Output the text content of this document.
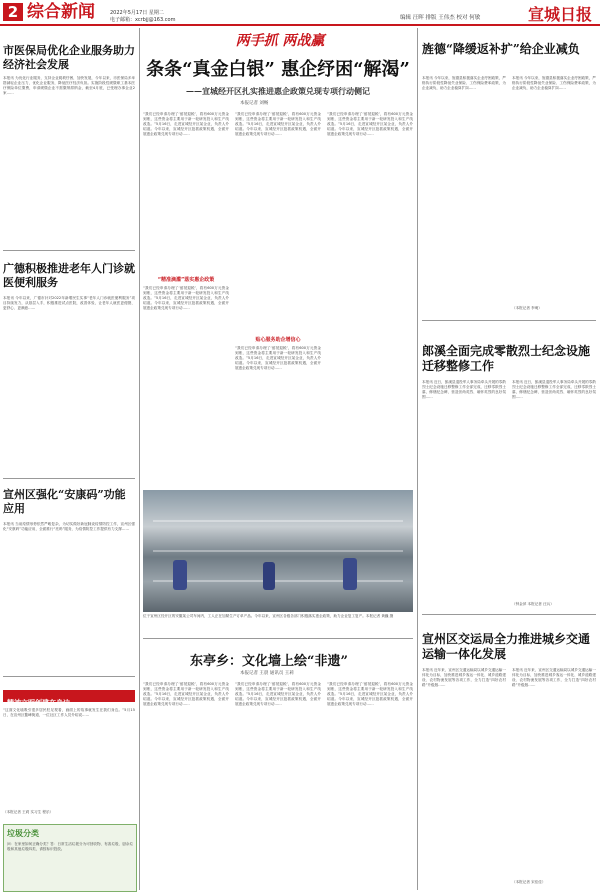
2 综合新闻	2022年5月17日 星期二
电子邮箱：xcrbjj@163.com	编辑 汪晖 排版 王伟杰 校对 何敏	宣城日报
市医保局优化企业服务助力经济社会发展
本报讯 为优化行业服务，支持企业爬坡纾困，加快发展，今年以来，市医保局多举措减轻企业压力，优化企业服务，降低医疗经济负担。实施阶段性缓缴职工基本医疗保险单位缴费，申请缓缴企业不需缴纳滞纳金，截至4月底，已受理办事企业2家……
广德积极推进老年人门诊就医便利服务
本报讯 今年以来，广德市针对2022年新增民生实事“老年人门诊就医便利服务”项目持续发力，从基层入手，积极推进试点医院，改善体验，让老年人就医更便捷、更舒心、更满意……
宣州区强化“安康码”功能应用
本报讯 当前疫情形势依然严峻复杂，为切实做好新冠肺炎疫情防控工作，宣州区强化“安康码”功能应用，全面推行“亮码”服务，为疫情防控工作提供有力支撑……
精神文明创建在身边
“这面文化墙吸引很多居民驻足观看，画面上的故事就发生在我们身边。”5月15日，在宣州区鳌峰街道，一位社区工作人员介绍说……
（本报记者 王莉 实习生 程乐）
垃圾分类
问：在家里如何正确分类？答：日常生活垃圾分为可回收物、有害垃圾、厨余垃圾和其他垃圾四类，请按标识投放。
两手抓 两战赢
条条“真金白银” 惠企纾困“解渴”
——宣城经开区扎实推进惠企政策兑现专项行动侧记
本报记者 刘畅
“我们已经申请办理了‘留抵退税’，将有600万元资金到账，这些资金将主要用于新一轮研发投入和生产线改造。”5月16日，走进宣城经开区某企业，负责人介绍道。今年以来，宣城经开区抢抓政策机遇，全面开展惠企政策兑现专项行动……
“精准滴灌”落实惠企政策
“我们已经申请办理了‘留抵退税’，将有600万元资金到账，这些资金将主要用于新一轮研发投入和生产线改造。”5月16日，走进宣城经开区某企业，负责人介绍道。今年以来，宣城经开区抢抓政策机遇，全面开展惠企政策兑现专项行动……
“我们已经申请办理了‘留抵退税’，将有600万元资金到账，这些资金将主要用于新一轮研发投入和生产线改造。”5月16日，走进宣城经开区某企业，负责人介绍道。今年以来，宣城经开区抢抓政策机遇，全面开展惠企政策兑现专项行动……
贴心服务助企增信心
“我们已经申请办理了‘留抵退税’，将有600万元资金到账，这些资金将主要用于新一轮研发投入和生产线改造。”5月16日，走进宣城经开区某企业，负责人介绍道。今年以来，宣城经开区抢抓政策机遇，全面开展惠企政策兑现专项行动……
“我们已经申请办理了‘留抵退税’，将有600万元资金到账，这些资金将主要用于新一轮研发投入和生产线改造。”5月16日，走进宣城经开区某企业，负责人介绍道。今年以来，宣城经开区抢抓政策机遇，全面开展惠企政策兑现专项行动……
位于宣州区经开区的安徽某公司车间内，工人正在加紧生产订单产品。今年以来，宣州区各级各部门积极落实惠企政策，助力企业复工复产。本报记者 黄巍 摄
东亭乡：文化墙上绘“非遗”
本报记者 王晨 通讯员 王莉
“我们已经申请办理了‘留抵退税’，将有600万元资金到账，这些资金将主要用于新一轮研发投入和生产线改造。”5月16日，走进宣城经开区某企业，负责人介绍道。今年以来，宣城经开区抢抓政策机遇，全面开展惠企政策兑现专项行动……
“我们已经申请办理了‘留抵退税’，将有600万元资金到账，这些资金将主要用于新一轮研发投入和生产线改造。”5月16日，走进宣城经开区某企业，负责人介绍道。今年以来，宣城经开区抢抓政策机遇，全面开展惠企政策兑现专项行动……
“我们已经申请办理了‘留抵退税’，将有600万元资金到账，这些资金将主要用于新一轮研发投入和生产线改造。”5月16日，走进宣城经开区某企业，负责人介绍道。今年以来，宣城经开区抢抓政策机遇，全面开展惠企政策兑现专项行动……
旌德“降缓返补扩”给企业减负
本报讯 今年以来，旌德县积极落实企业纾困政策，严格执行阶段性降低失业保险、工伤保险费率政策，为企业减负，助力企业稳岗扩岗……
本报讯 今年以来，旌德县积极落实企业纾困政策，严格执行阶段性降低失业保险、工伤保险费率政策，为企业减负，助力企业稳岗扩岗……
（本报记者 李萌）
郎溪全面完成零散烈士纪念设施迁移整修工作
本报讯 近日，郎溪县退役军人事务局牵头开展的零散烈士纪念设施迁移整修工作全部完成，迁移零散烈士墓，修缮纪念碑，营造崇尚英烈、缅怀英烈的良好氛围……
本报讯 近日，郎溪县退役军人事务局牵头开展的零散烈士纪念设施迁移整修工作全部完成，迁移零散烈士墓，修缮纪念碑，营造崇尚英烈、缅怀英烈的良好氛围……
（钟金萍 本报记者 汪兵）
宣州区交运局全力推进城乡交通运输一体化发展
本报讯 近年来，宣州区交通运输局以城乡交通运输一体化为目标，加快推进城乡客运一体化、城乡道路建设、农村物流发展等各项工作，全力打造“四好农村路”升级版……
本报讯 近年来，宣州区交通运输局以城乡交通运输一体化为目标，加快推进城乡客运一体化、城乡道路建设、农村物流发展等各项工作，全力打造“四好农村路”升级版……
（本报记者 宋佳佳）
